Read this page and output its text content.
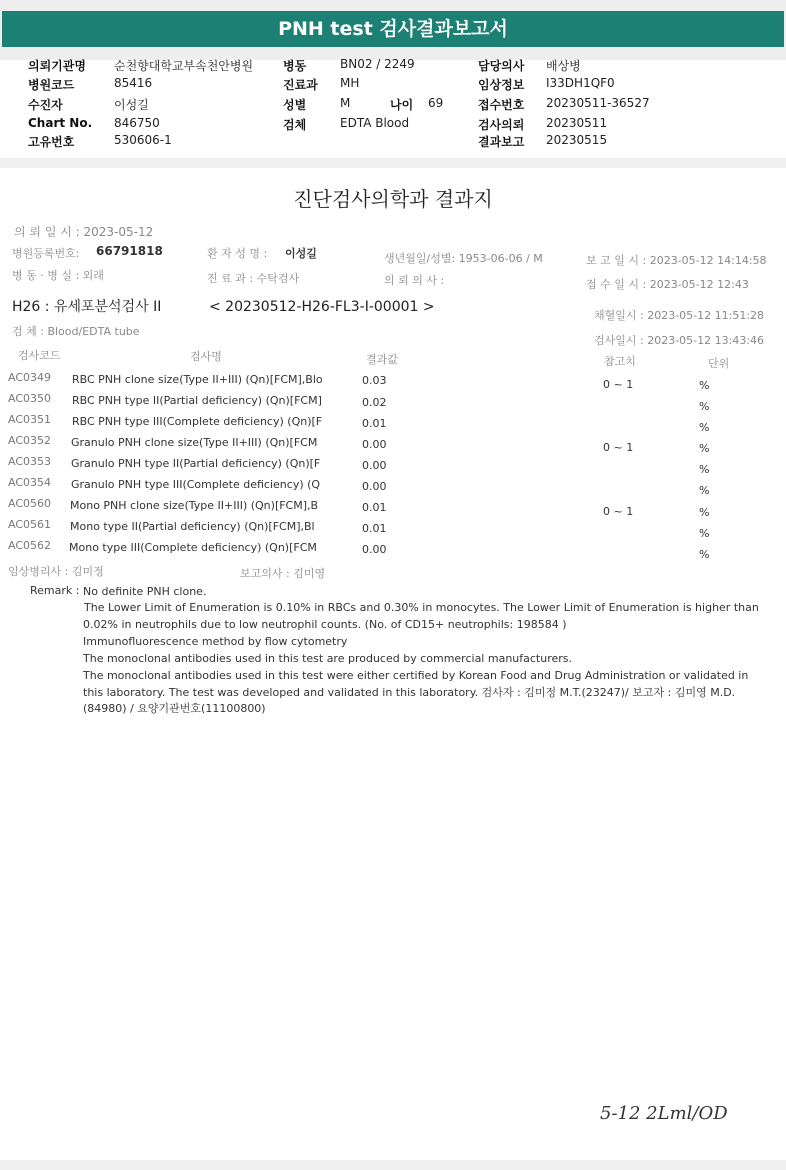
PNH test 검사결과보고서
의뢰기관명 순천향대학교부속천안병원
병원코드	85416
수진자	이성길
Chart No. 846750
고유번호	530606-1
병동	BN02 / 2249
진료과 MH
성별	M	나이 69
검체	EDTA Blood
담당의사 배상병
임상정보 I33DH1QF0
접수번호 20230511-36527
검사의뢰 20230511
결과보고 20230515
진단검사의학과 결과지
의 뢰 일 시 : 2023-05-12
병원등록번호: 66791818	환 자 성 명 : 이성길	생년월일/성별: 1953-06-06 / M	보 고 일 시 : 2023-05-12 14:14:58
병 동 · 병 실 : 외래	진 료 과 : 수탁검사	의 뢰 의 사 :	접 수 일 시 : 2023-05-12 12:43
H26 : 유세포분석검사 II	< 20230512-H26-FL3-I-00001 >
채혈일시 : 2023-05-12 11:51:28
검 체 : Blood/EDTA tube
검사일시 : 2023-05-12 13:43:46
검사코드	검사명	결과값	참고치	단위
AC0349 RBC PNH clone size(Type II+III) (Qn)[FCM],Blo	0.03	0 ~ 1	%
AC0350 RBC PNH type II(Partial deficiency) (Qn)[FCM]	0.02	%
AC0351 RBC PNH type III(Complete deficiency) (Qn)[F	0.01	%
AC0352 Granulo PNH clone size(Type II+III) (Qn)[FCM	0.00	0 ~ 1	%
AC0353 Granulo PNH type II(Partial deficiency) (Qn)[F	0.00	%
AC0354 Granulo PNH type III(Complete deficiency) (Q	0.00	%
AC0560 Mono PNH clone size(Type II+III) (Qn)[FCM],B	0.01	0 ~ 1	%
AC0561 Mono type II(Partial deficiency) (Qn)[FCM],Bl	0.01	%
AC0562 Mono type III(Complete deficiency) (Qn)[FCM	0.00	%
임상병리사 : 김미정	보고의사 : 김미영
Remark : No definite PNH clone.
The Lower Limit of Enumeration is 0.10% in RBCs and 0.30% in monocytes. The Lower Limit of Enumeration is higher than
0.02% in neutrophils due to low neutrophil counts. (No. of CD15+ neutrophils: 198584 )
Immunofluorescence method by flow cytometry
The monoclonal antibodies used in this test are produced by commercial manufacturers.
The monoclonal antibodies used in this test were either certified by Korean Food and Drug Administration or validated in
this laboratory. The test was developed and validated in this laboratory. 검사자 : 김미정 M.T.(23247)/ 보고자 : 김미영 M.D.
(84980) / 요양기관번호(11100800)
5-12 2Lml/OD
